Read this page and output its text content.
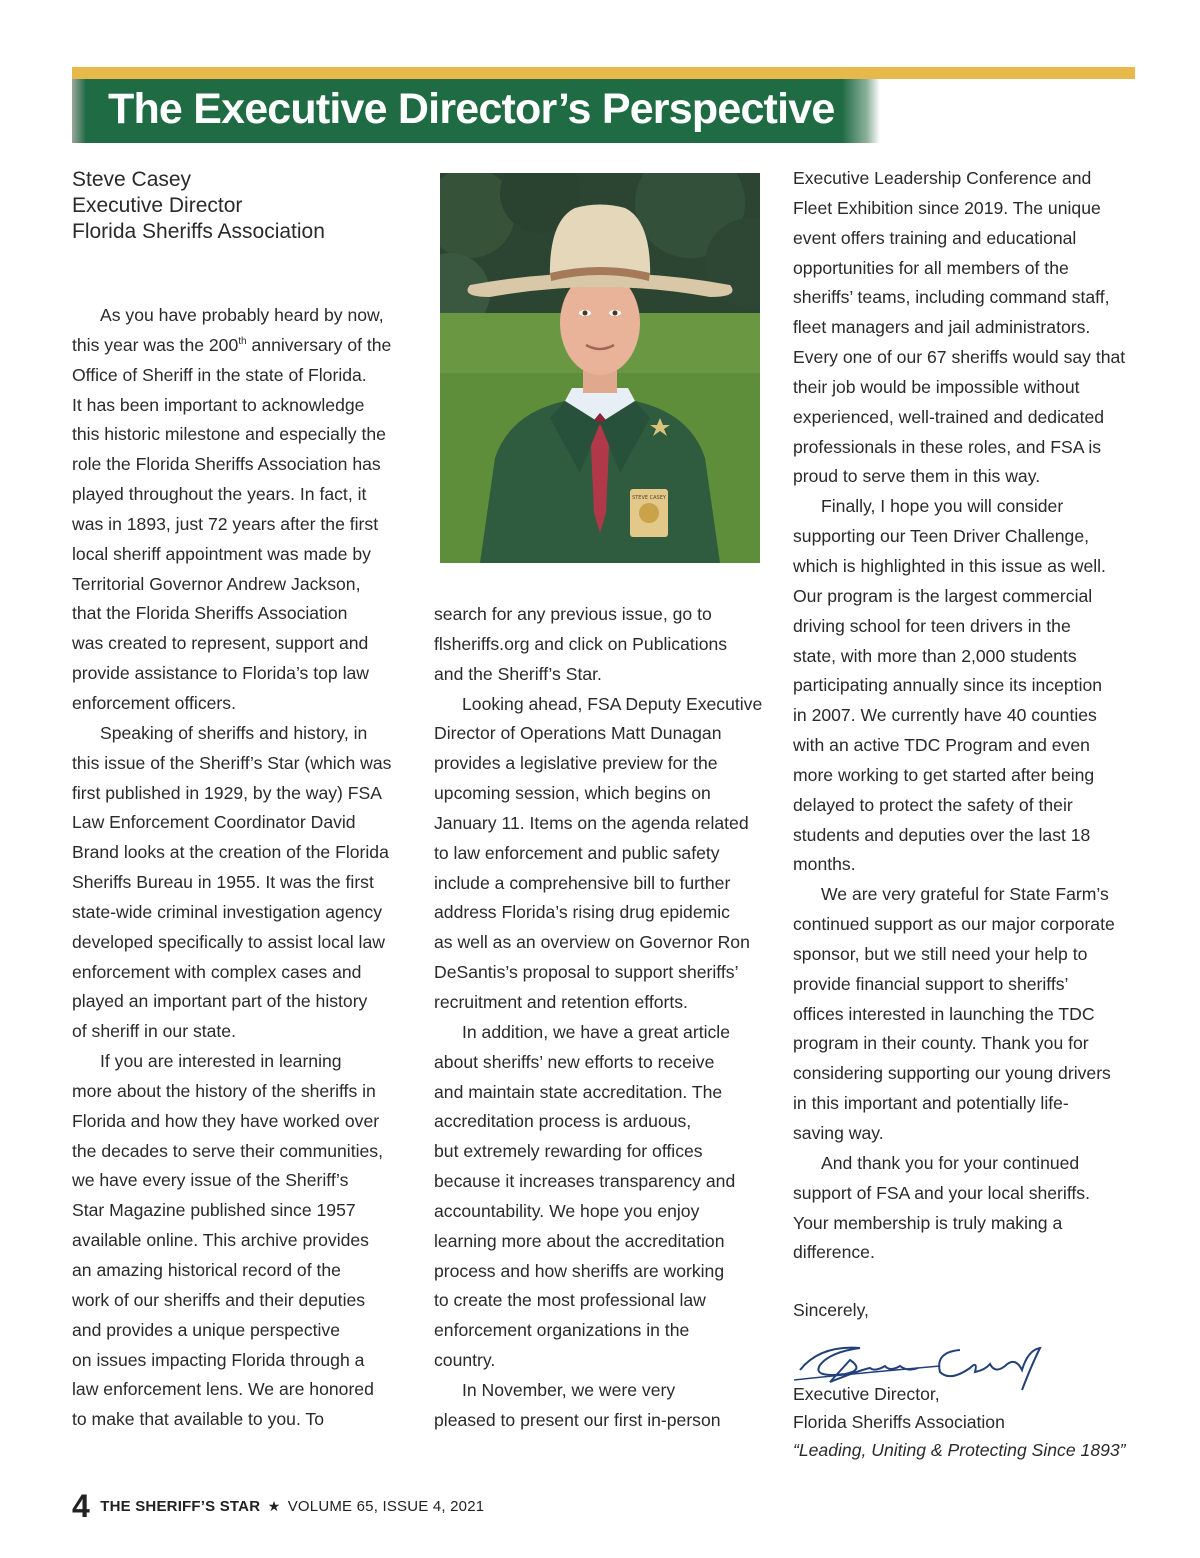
The Executive Director’s Perspective
Steve Casey
Executive Director
Florida Sheriffs Association
STEVE CASEY
As you have probably heard by now,
this year was the 200th anniversary of the
Office of Sheriff in the state of Florida.
It has been important to acknowledge
this historic milestone and especially the
role the Florida Sheriffs Association has
played throughout the years. In fact, it
was in 1893, just 72 years after the first
local sheriff appointment was made by
Territorial Governor Andrew Jackson,
that the Florida Sheriffs Association
was created to represent, support and
provide assistance to Florida’s top law
enforcement officers.
Speaking of sheriffs and history, in
this issue of the Sheriff’s Star (which was
first published in 1929, by the way) FSA
Law Enforcement Coordinator David
Brand looks at the creation of the Florida
Sheriffs Bureau in 1955. It was the first
state-wide criminal investigation agency
developed specifically to assist local law
enforcement with complex cases and
played an important part of the history
of sheriff in our state.
If you are interested in learning
more about the history of the sheriffs in
Florida and how they have worked over
the decades to serve their communities,
we have every issue of the Sheriff’s
Star Magazine published since 1957
available online. This archive provides
an amazing historical record of the
work of our sheriffs and their deputies
and provides a unique perspective
on issues impacting Florida through a
law enforcement lens. We are honored
to make that available to you. To
search for any previous issue, go to
flsheriffs.org and click on Publications
and the Sheriff’s Star.
Looking ahead, FSA Deputy Executive
Director of Operations Matt Dunagan
provides a legislative preview for the
upcoming session, which begins on
January 11. Items on the agenda related
to law enforcement and public safety
include a comprehensive bill to further
address Florida’s rising drug epidemic
as well as an overview on Governor Ron
DeSantis’s proposal to support sheriffs’
recruitment and retention efforts.
In addition, we have a great article
about sheriffs’ new efforts to receive
and maintain state accreditation. The
accreditation process is arduous,
but extremely rewarding for offices
because it increases transparency and
accountability. We hope you enjoy
learning more about the accreditation
process and how sheriffs are working
to create the most professional law
enforcement organizations in the
country.
In November, we were very
pleased to present our first in-person
Executive Leadership Conference and
Fleet Exhibition since 2019. The unique
event offers training and educational
opportunities for all members of the
sheriffs’ teams, including command staff,
fleet managers and jail administrators.
Every one of our 67 sheriffs would say that
their job would be impossible without
experienced, well-trained and dedicated
professionals in these roles, and FSA is
proud to serve them in this way.
Finally, I hope you will consider
supporting our Teen Driver Challenge,
which is highlighted in this issue as well.
Our program is the largest commercial
driving school for teen drivers in the
state, with more than 2,000 students
participating annually since its inception
in 2007. We currently have 40 counties
with an active TDC Program and even
more working to get started after being
delayed to protect the safety of their
students and deputies over the last 18
months.
We are very grateful for State Farm’s
continued support as our major corporate
sponsor, but we still need your help to
provide financial support to sheriffs’
offices interested in launching the TDC
program in their county. Thank you for
considering supporting our young drivers
in this important and potentially life-
saving way.
And thank you for your continued
support of FSA and your local sheriffs.
Your membership is truly making a
difference.
Sincerely,
Executive Director,
Florida Sheriffs Association
“Leading, Uniting & Protecting Since 1893”
4 THE SHERIFF’S STAR ★ VOLUME 65, ISSUE 4, 2021
